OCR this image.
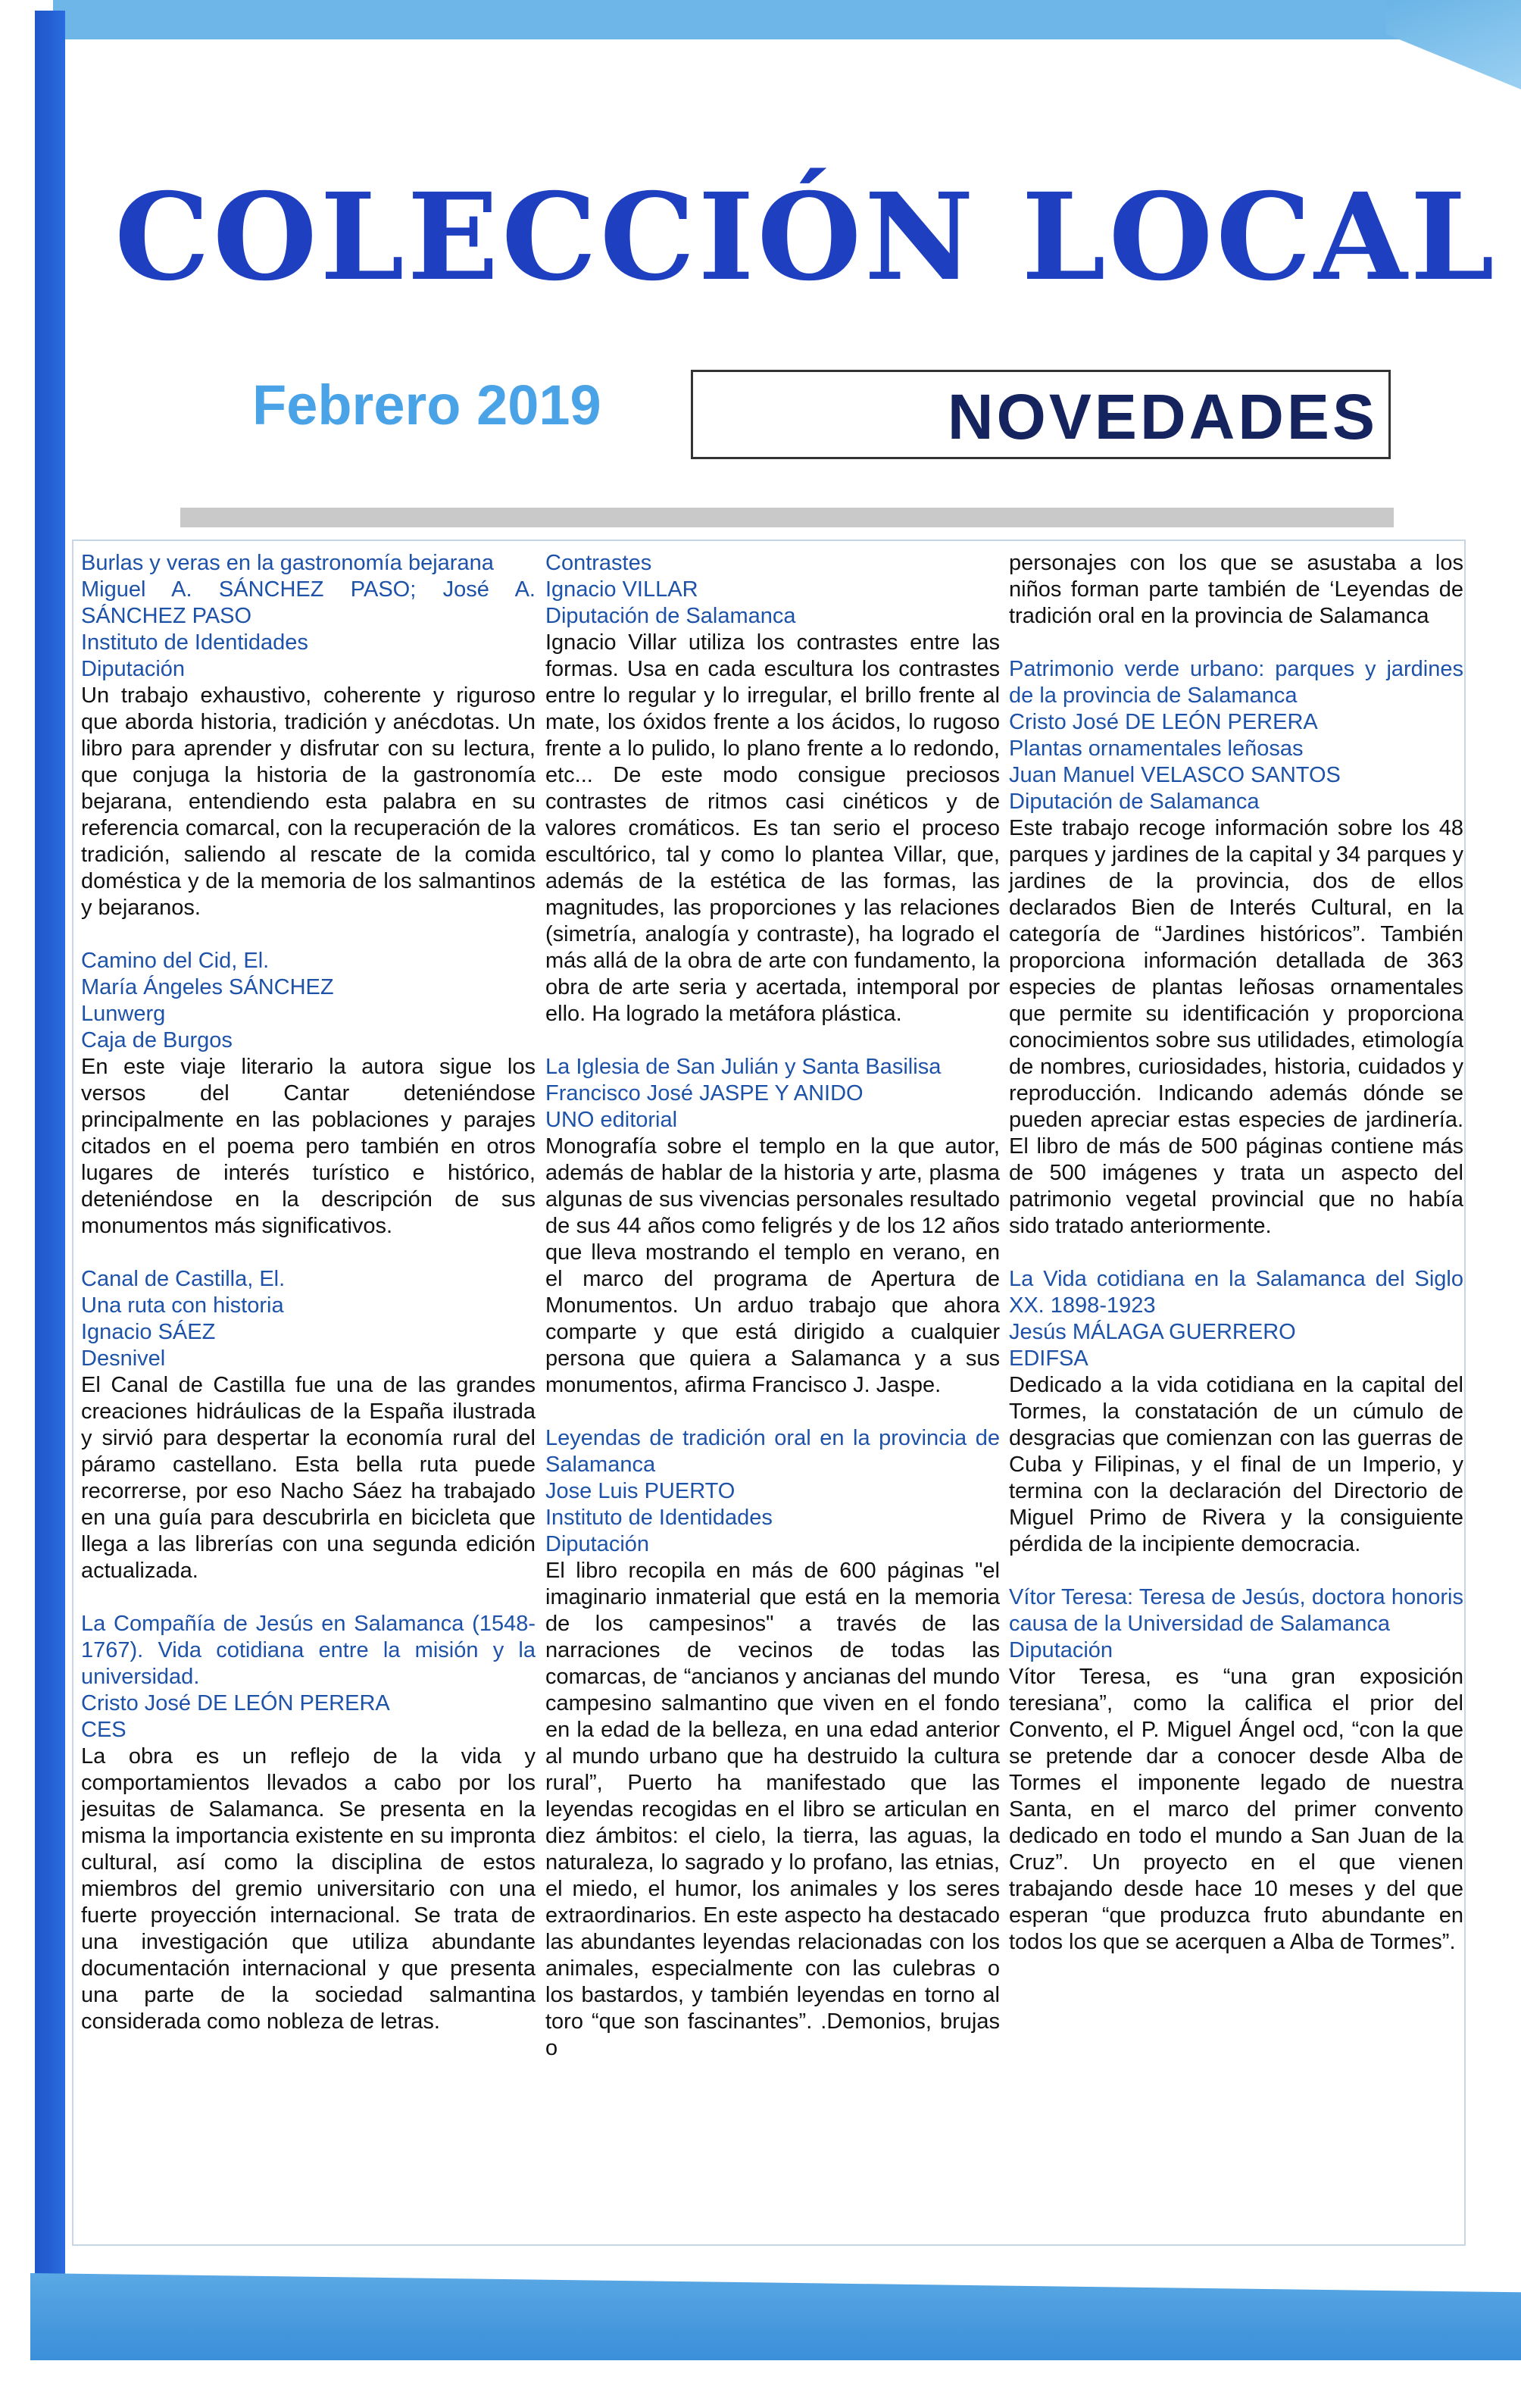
COLECCIÓN LOCAL
Febrero 2019	NOVEDADES

Burlas y veras en la gastronomía bejarana

Miguel A. SÁNCHEZ PASO; José A. SÁNCHEZ PASO

Instituto de Identidades

Diputación

Un trabajo exhaustivo, coherente y riguroso que aborda historia, tradición y anécdotas. Un libro para aprender y disfrutar con su lectura, que conjuga la historia de la gastronomía bejarana, entendiendo esta palabra en su referencia comarcal, con la recuperación de la tradición, saliendo al rescate de la comida doméstica y de la memoria de los salmantinos y bejaranos.

Camino del Cid, El.

María Ángeles SÁNCHEZ

Lunwerg

Caja de Burgos

En este viaje literario la autora sigue los versos del Cantar deteniéndose principalmente en las poblaciones y parajes citados en el poema pero también en otros lugares de interés turístico e histórico, deteniéndose en la descripción de sus monumentos más significativos.

Canal de Castilla, El.

Una ruta con historia

Ignacio SÁEZ

Desnivel

El Canal de Castilla fue una de las grandes creaciones hidráulicas de la España ilustrada y sirvió para despertar la economía rural del páramo castellano. Esta bella ruta puede recorrerse, por eso Nacho Sáez ha trabajado en una guía para descubrirla en bicicleta que llega a las librerías con una segunda edición actualizada.

La Compañía de Jesús en Salamanca (1548-1767). Vida cotidiana entre la misión y la universidad.

Cristo José DE LEÓN PERERA

CES

La obra es un reflejo de la vida y comportamientos llevados a cabo por los jesuitas de Salamanca. Se presenta en la misma la importancia existente en su impronta cultural, así como la disciplina de estos miembros del gremio universitario con una fuerte proyección internacional. Se trata de una investigación que utiliza abundante documentación internacional y que presenta una parte de la sociedad salmantina considerada como nobleza de letras.

Contrastes

Ignacio VILLAR

Diputación de Salamanca

Ignacio Villar utiliza los contrastes entre las formas. Usa en cada escultura los contrastes entre lo regular y lo irregular, el brillo frente al mate, los óxidos frente a los ácidos, lo rugoso frente a lo pulido, lo plano frente a lo redondo, etc... De este modo consigue preciosos contrastes de ritmos casi cinéticos y de valores cromáticos. Es tan serio el proceso escultórico, tal y como lo plantea Villar, que, además de la estética de las formas, las magnitudes, las proporciones y las relaciones (simetría, analogía y contraste), ha logrado el más allá de la obra de arte con fundamento, la obra de arte seria y acertada, intemporal por ello. Ha logrado la metáfora plástica.

La Iglesia de San Julián y Santa Basilisa

Francisco José JASPE Y ANIDO

UNO editorial

Monografía sobre el templo en la que autor, además de hablar de la historia y arte, plasma algunas de sus vivencias personales resultado de sus 44 años como feligrés y de los 12 años que lleva mostrando el templo en verano, en el marco del programa de Apertura de Monumentos. Un arduo trabajo que ahora comparte y que está dirigido a cualquier persona que quiera a Salamanca y a sus monumentos, afirma Francisco J. Jaspe.

Leyendas de tradición oral en la provincia de Salamanca

Jose Luis PUERTO

Instituto de Identidades

Diputación

El libro recopila en más de 600 páginas "el imaginario inmaterial que está en la memoria de los campesinos" a través de las narraciones de vecinos de todas las comarcas, de “ancianos y ancianas del mundo campesino salmantino que viven en el fondo en la edad de la belleza, en una edad anterior al mundo urbano que ha destruido la cultura rural”, Puerto ha manifestado que las leyendas recogidas en el libro se articulan en diez ámbitos: el cielo, la tierra, las aguas, la naturaleza, lo sagrado y lo profano, las etnias, el miedo, el humor, los animales y los seres extraordinarios. En este aspecto ha destacado las abundantes leyendas relacionadas con los animales, especialmente con las culebras o los bastardos, y también leyendas en torno al toro “que son fascinantes”. .Demonios, brujas o

personajes con los que se asustaba a los niños forman parte también de ‘Leyendas de tradición oral en la provincia de Salamanca

Patrimonio verde urbano: parques y jardines de la provincia de Salamanca

Cristo José DE LEÓN PERERA

Plantas ornamentales leñosas

Juan Manuel VELASCO SANTOS

Diputación de Salamanca

Este trabajo recoge información sobre los 48 parques y jardines de la capital y 34 parques y jardines de la provincia, dos de ellos declarados Bien de Interés Cultural, en la categoría de “Jardines históricos”. También proporciona información detallada de 363 especies de plantas leñosas ornamentales que permite su identificación y proporciona conocimientos sobre sus utilidades, etimología de nombres, curiosidades, historia, cuidados y reproducción. Indicando además dónde se pueden apreciar estas especies de jardinería. El libro de más de 500 páginas contiene más de 500 imágenes y trata un aspecto del patrimonio vegetal provincial que no había sido tratado anteriormente.

La Vida cotidiana en la Salamanca del Siglo XX. 1898-1923

Jesús MÁLAGA GUERRERO

EDIFSA

Dedicado a la vida cotidiana en la capital del Tormes, la constatación de un cúmulo de desgracias que comienzan con las guerras de Cuba y Filipinas, y el final de un Imperio, y termina con la declaración del Directorio de Miguel Primo de Rivera y la consiguiente pérdida de la incipiente democracia.

Vítor Teresa: Teresa de Jesús, doctora honoris causa de la Universidad de Salamanca

Diputación

Vítor Teresa, es “una gran exposición teresiana”, como la califica el prior del Convento, el P. Miguel Ángel ocd, “con la que se pretende dar a conocer desde Alba de Tormes el imponente legado de nuestra Santa, en el marco del primer convento dedicado en todo el mundo a San Juan de la Cruz”. Un proyecto en el que vienen trabajando desde hace 10 meses y del que esperan “que produzca fruto abundante en todos los que se acerquen a Alba de Tormes”.
